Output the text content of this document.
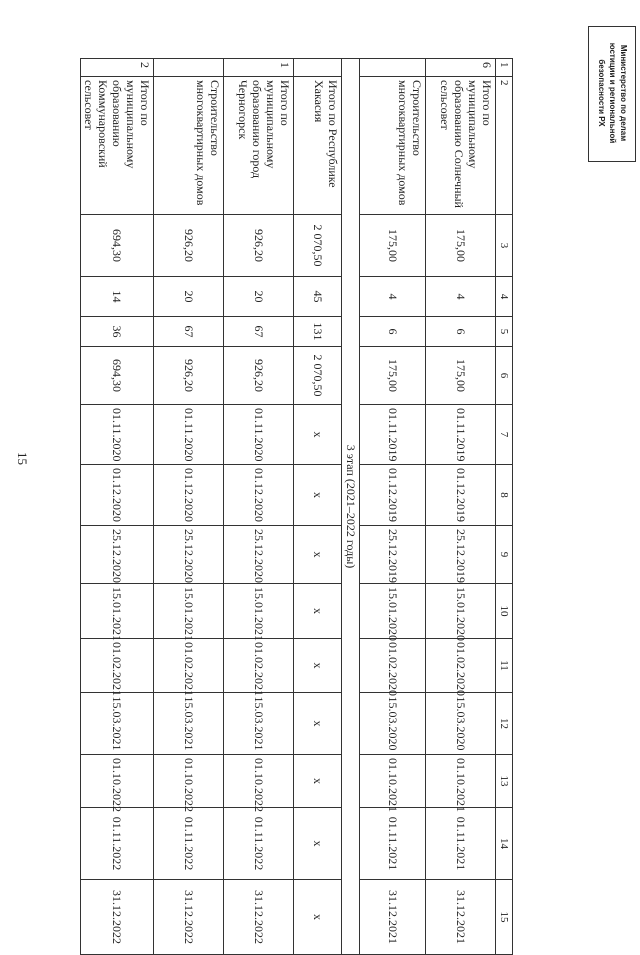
15
Министерство по делам юстиции и региональной безопасности РХ
1	2	3	4	5	6	7	8	9	10	11	12	13	14	15
6	Итого по муниципальному образованию Солнечный сельсовет	175,00	4	6	175,00	01.11.2019	01.12.2019	25.12.2019	15.01.2020	01.02.2020	15.03.2020	01.10.2021	01.11.2021	31.12.2021
	Строительство многоквартирных домов	175,00	4	6	175,00	01.11.2019	01.12.2019	25.12.2019	15.01.2020	01.02.2020	15.03.2020	01.10.2021	01.11.2021	31.12.2021
3 этап (2021–2022 годы)														
	Итого по Республике Хакасия	2 070,50	45	131	2 070,50	x	x	x	x	x	x	x	x	x
1	Итого по муниципальному образованию город Черногорск	926,20	20	67	926,20	01.11.2020	01.12.2020	25.12.2020	15.01.2021	01.02.2021	15.03.2021	01.10.2022	01.11.2022	31.12.2022
	Строительство многоквартирных домов	926,20	20	67	926,20	01.11.2020	01.12.2020	25.12.2020	15.01.2021	01.02.2021	15.03.2021	01.10.2022	01.11.2022	31.12.2022
2	Итого по муниципальному образованию Коммунаровский сельсовет	694,30	14	36	694,30	01.11.2020	01.12.2020	25.12.2020	15.01.2021	01.02.2021	15.03.2021	01.10.2022	01.11.2022	31.12.2022
